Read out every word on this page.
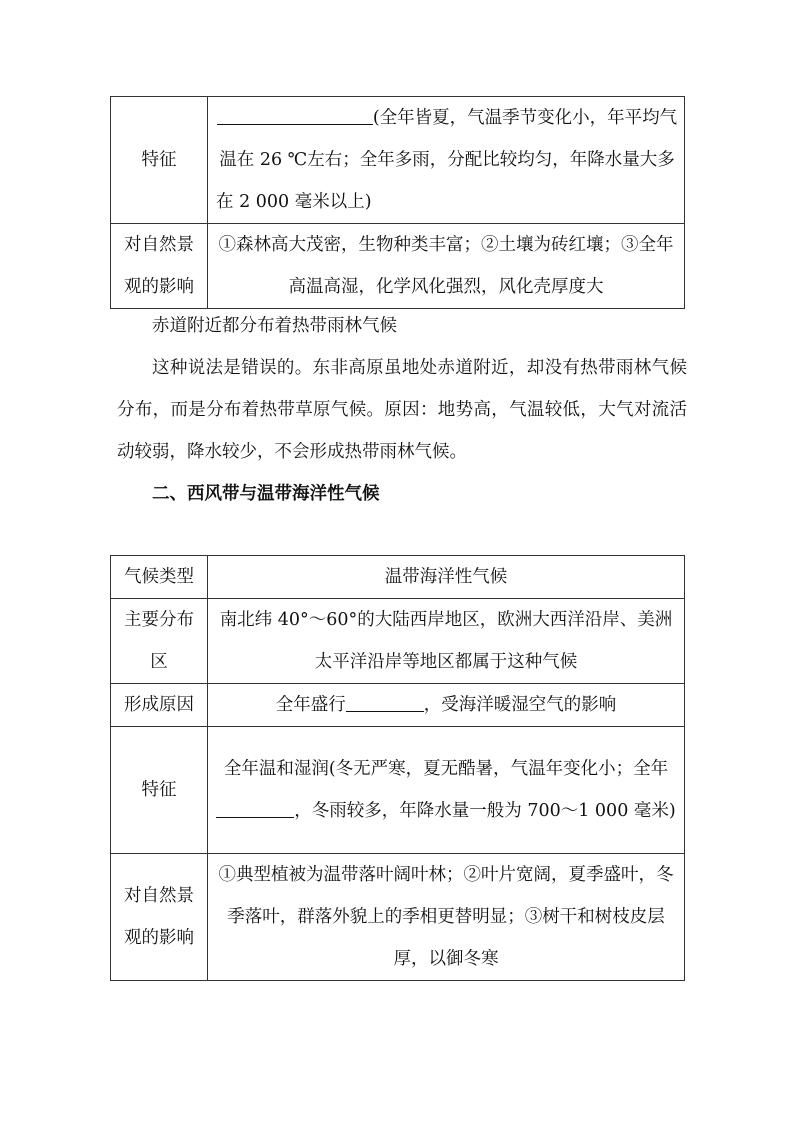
特征	(全年皆夏，气温季节变化小，年平均气温在 26 ℃左右；全年多雨，分配比较均匀，年降水量大多在 2 000 毫米以上)
对自然景
观的影响	①森林高大茂密，生物种类丰富；②土壤为砖红壤；③全年高温高湿，化学风化强烈，风化壳厚度大

赤道附近都分布着热带雨林气候

这种说法是错误的。东非高原虽地处赤道附近，却没有热带雨林气候分布，而是分布着热带草原气候。原因：地势高，气温较低，大气对流活动较弱，降水较少，不会形成热带雨林气候。

二、西风带与温带海洋性气候

气候类型	温带海洋性气候
主要分布
区	南北纬 40°～60°的大陆西岸地区，欧洲大西洋沿岸、美洲太平洋沿岸等地区都属于这种气候
形成原因	全年盛行 ，受海洋暖湿空气的影响
特征	全年温和湿润(冬无严寒，夏无酷暑，气温年变化小；全年，冬雨较多，年降水量一般为 700～1 000 毫米)
对自然景
观的影响	①典型植被为温带落叶阔叶林；②叶片宽阔，夏季盛叶，冬季落叶，群落外貌上的季相更替明显；③树干和树枝皮层厚，以御冬寒
